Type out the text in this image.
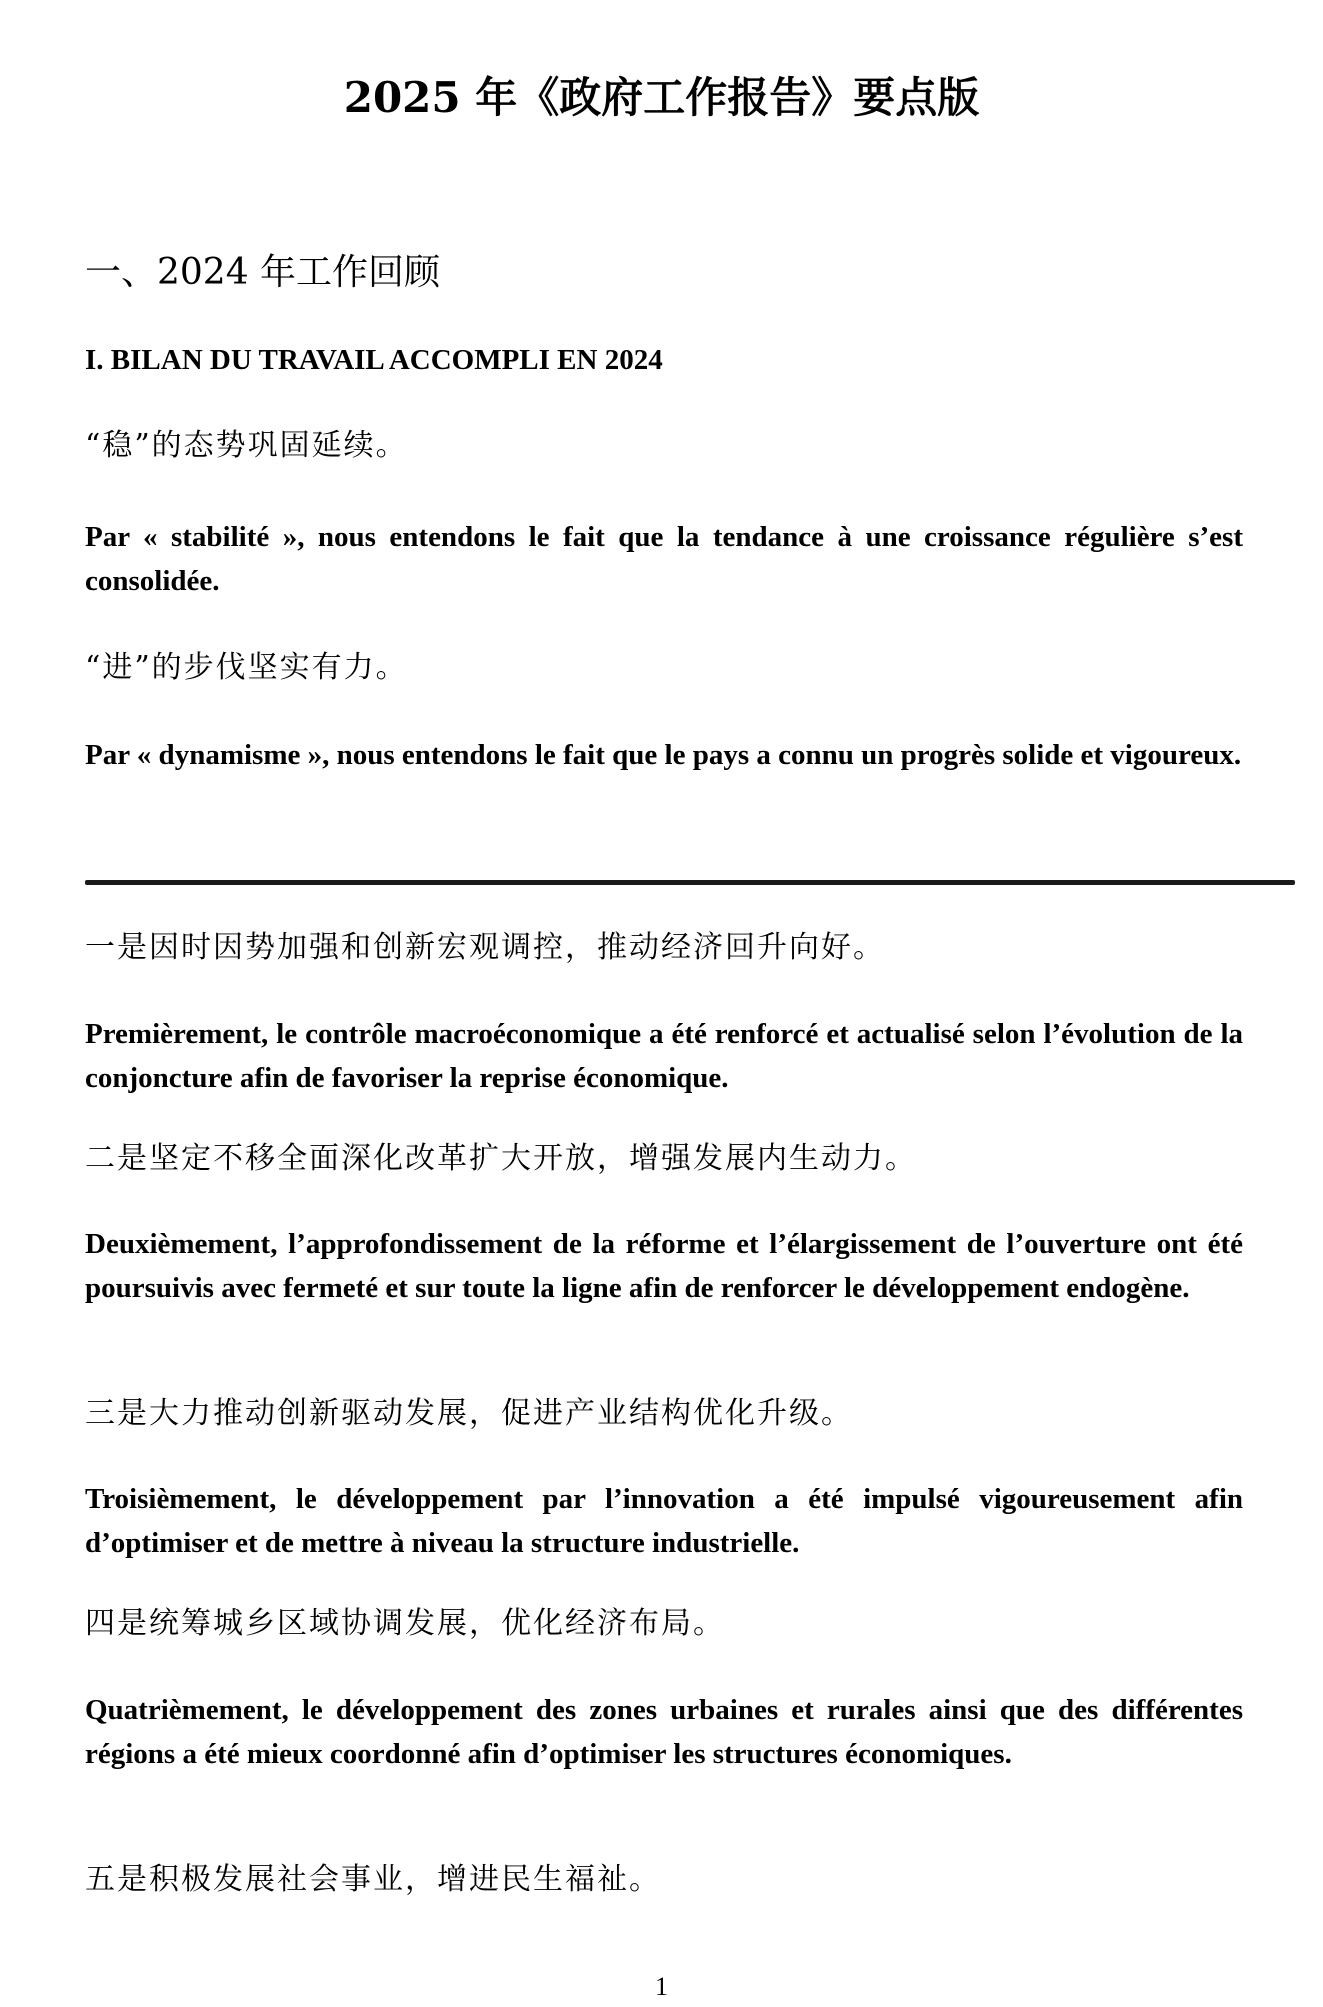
2025 年《政府工作报告》要点版
一、2024 年工作回顾
I. BILAN DU TRAVAIL ACCOMPLI EN 2024
“稳”的态势巩固延续。
Par « stabilité », nous entendons le fait que la tendance à une croissance régulière s’est consolidée.
“进”的步伐坚实有力。
Par « dynamisme », nous entendons le fait que le pays a connu un progrès solide et vigoureux.
一是因时因势加强和创新宏观调控，推动经济回升向好。
Premièrement, le contrôle macroéconomique a été renforcé et actualisé selon l’évolution de la conjoncture afin de favoriser la reprise économique.
二是坚定不移全面深化改革扩大开放，增强发展内生动力。
Deuxièmement, l’approfondissement de la réforme et l’élargissement de l’ouverture ont été poursuivis avec fermeté et sur toute la ligne afin de renforcer le développement endogène.
三是大力推动创新驱动发展，促进产业结构优化升级。
Troisièmement, le développement par l’innovation a été impulsé vigoureusement afin d’optimiser et de mettre à niveau la structure industrielle.
四是统筹城乡区域协调发展，优化经济布局。
Quatrièmement, le développement des zones urbaines et rurales ainsi que des différentes régions a été mieux coordonné afin d’optimiser les structures économiques.
五是积极发展社会事业，增进民生福祉。
1
